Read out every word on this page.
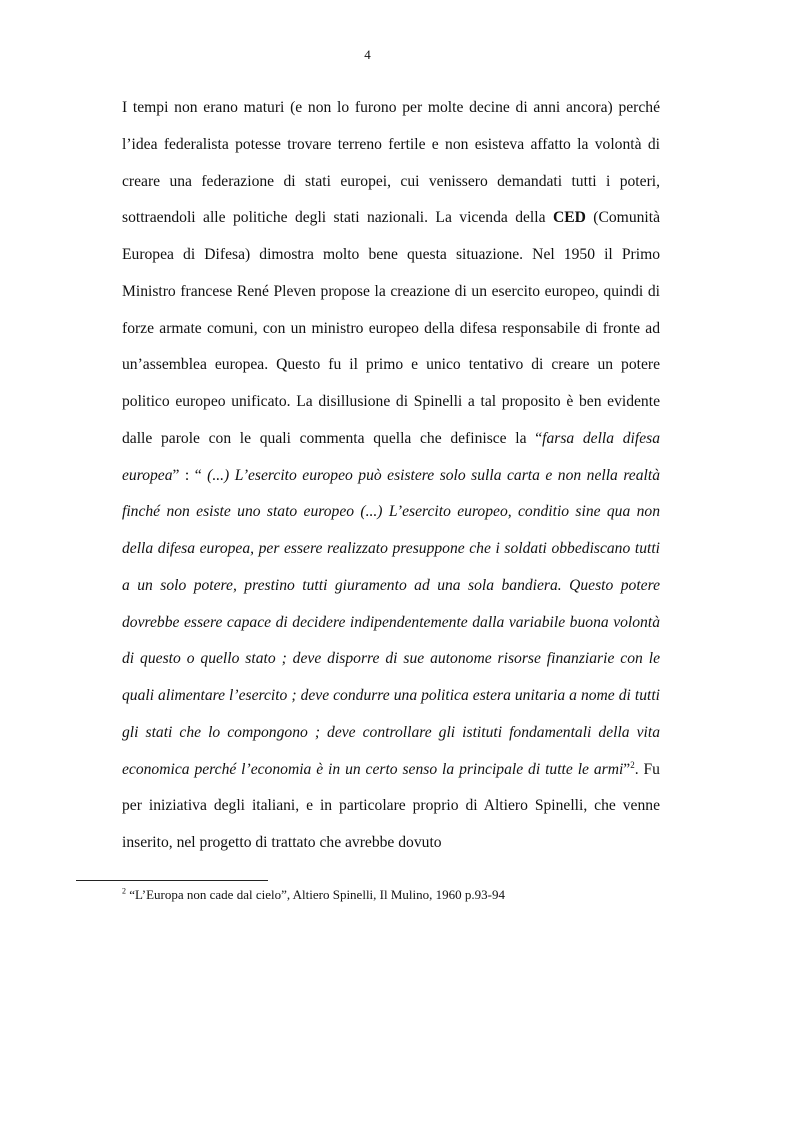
4

I tempi non erano maturi (e non lo furono per molte decine di anni ancora) perché l’idea federalista potesse trovare terreno fertile e non esisteva affatto la volontà di creare una federazione di stati europei, cui venissero demandati tutti i poteri, sottraendoli alle politiche degli stati nazionali. La vicenda della CED (Comunità Europea di Difesa) dimostra molto bene questa situazione. Nel 1950 il Primo Ministro francese René Pleven propose la creazione di un esercito europeo, quindi di forze armate comuni, con un ministro europeo della difesa responsabile di fronte ad un’assemblea europea. Questo fu il primo e unico tentativo di creare un potere politico europeo unificato. La disillusione di Spinelli a tal proposito è ben evidente dalle parole con le quali commenta quella che definisce la “farsa della difesa europea” : “ (...) L’esercito europeo può esistere solo sulla carta e non nella realtà finché non esiste uno stato europeo (...) L’esercito europeo, conditio sine qua non della difesa europea, per essere realizzato presuppone che i soldati obbediscano tutti a un solo potere, prestino tutti giuramento ad una sola bandiera. Questo potere dovrebbe essere capace di decidere indipendentemente dalla variabile buona volontà di questo o quello stato ; deve disporre di sue autonome risorse finanziarie con le quali alimentare l’esercito ; deve condurre una politica estera unitaria a nome di tutti gli stati che lo compongono ; deve controllare gli istituti fondamentali della vita economica perché l’economia è in un certo senso la principale di tutte le armi”$^2$. Fu per iniziativa degli italiani, e in particolare proprio di Altiero Spinelli, che venne inserito, nel progetto di trattato che avrebbe dovuto

$^2$ “L’Europa non cade dal cielo”, Altiero Spinelli, Il Mulino, 1960 p.93-94
